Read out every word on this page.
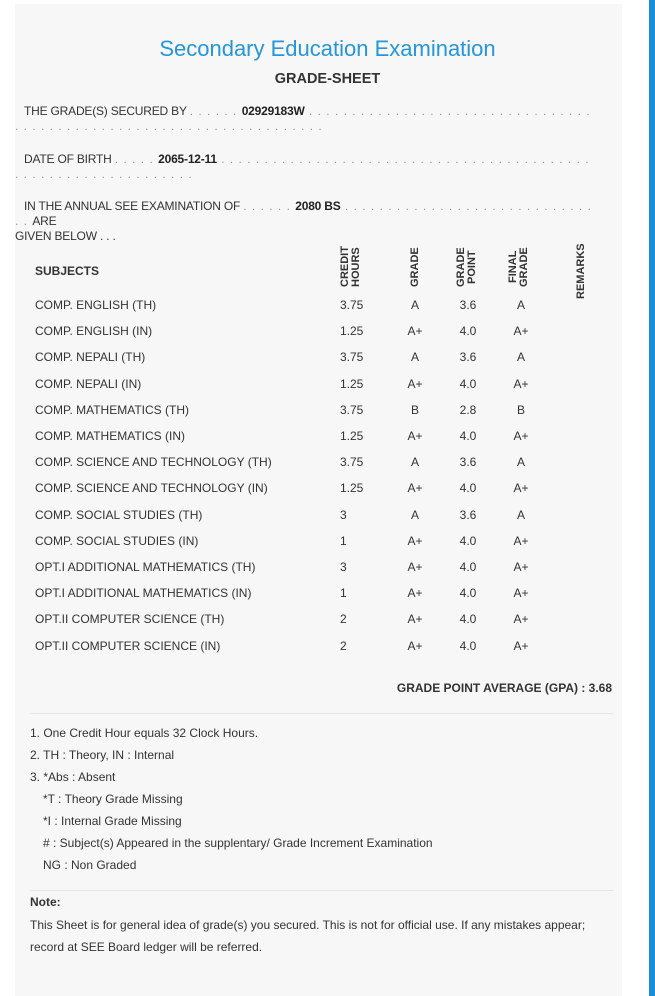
Secondary Education Examination
GRADE-SHEET
THE GRADE(S) SECURED BY . . . . . . 02929183W . . . . . . . . . . . . . . . . . . . . . . . . . . . . . . . . . . . . . . . . . . . . . . . . . . . . . . . . . . . . . . . . . . . . .
DATE OF BIRTH . . . . . 2065-12-11 . . . . . . . . . . . . . . . . . . . . . . . . . . . . . . . . . . . . . . . . . . . . . . . . . . . . . . . . . . . . . . . .
IN THE ANNUAL SEE EXAMINATION OF . . . . . . 2080 BS . . . . . . . . . . . . . . . . . . . . . . . . . . . . . . . ARE
GIVEN BELOW . . .
SUBJECTS	CREDIT HOURS	GRADE	GRADE POINT	FINAL GRADE	REMARKS
COMP. ENGLISH (TH)	3.75	A	3.6	A
COMP. ENGLISH (IN)	1.25	A+	4.0	A+
COMP. NEPALI (TH)	3.75	A	3.6	A
COMP. NEPALI (IN)	1.25	A+	4.0	A+
COMP. MATHEMATICS (TH)	3.75	B	2.8	B
COMP. MATHEMATICS (IN)	1.25	A+	4.0	A+
COMP. SCIENCE AND TECHNOLOGY (TH)	3.75	A	3.6	A
COMP. SCIENCE AND TECHNOLOGY (IN)	1.25	A+	4.0	A+
COMP. SOCIAL STUDIES (TH)	3	A	3.6	A
COMP. SOCIAL STUDIES (IN)	1	A+	4.0	A+
OPT.I ADDITIONAL MATHEMATICS (TH)	3	A+	4.0	A+
OPT.I ADDITIONAL MATHEMATICS (IN)	1	A+	4.0	A+
OPT.II COMPUTER SCIENCE (TH)	2	A+	4.0	A+
OPT.II COMPUTER SCIENCE (IN)	2	A+	4.0	A+
GRADE POINT AVERAGE (GPA) : 3.68
1. One Credit Hour equals 32 Clock Hours.
2. TH : Theory, IN : Internal
3. *Abs : Absent
*T : Theory Grade Missing
*I : Internal Grade Missing
# : Subject(s) Appeared in the supplentary/ Grade Increment Examination
NG : Non Graded
Note:
This Sheet is for general idea of grade(s) you secured. This is not for official use. If any mistakes appear; record at SEE Board ledger will be referred.
